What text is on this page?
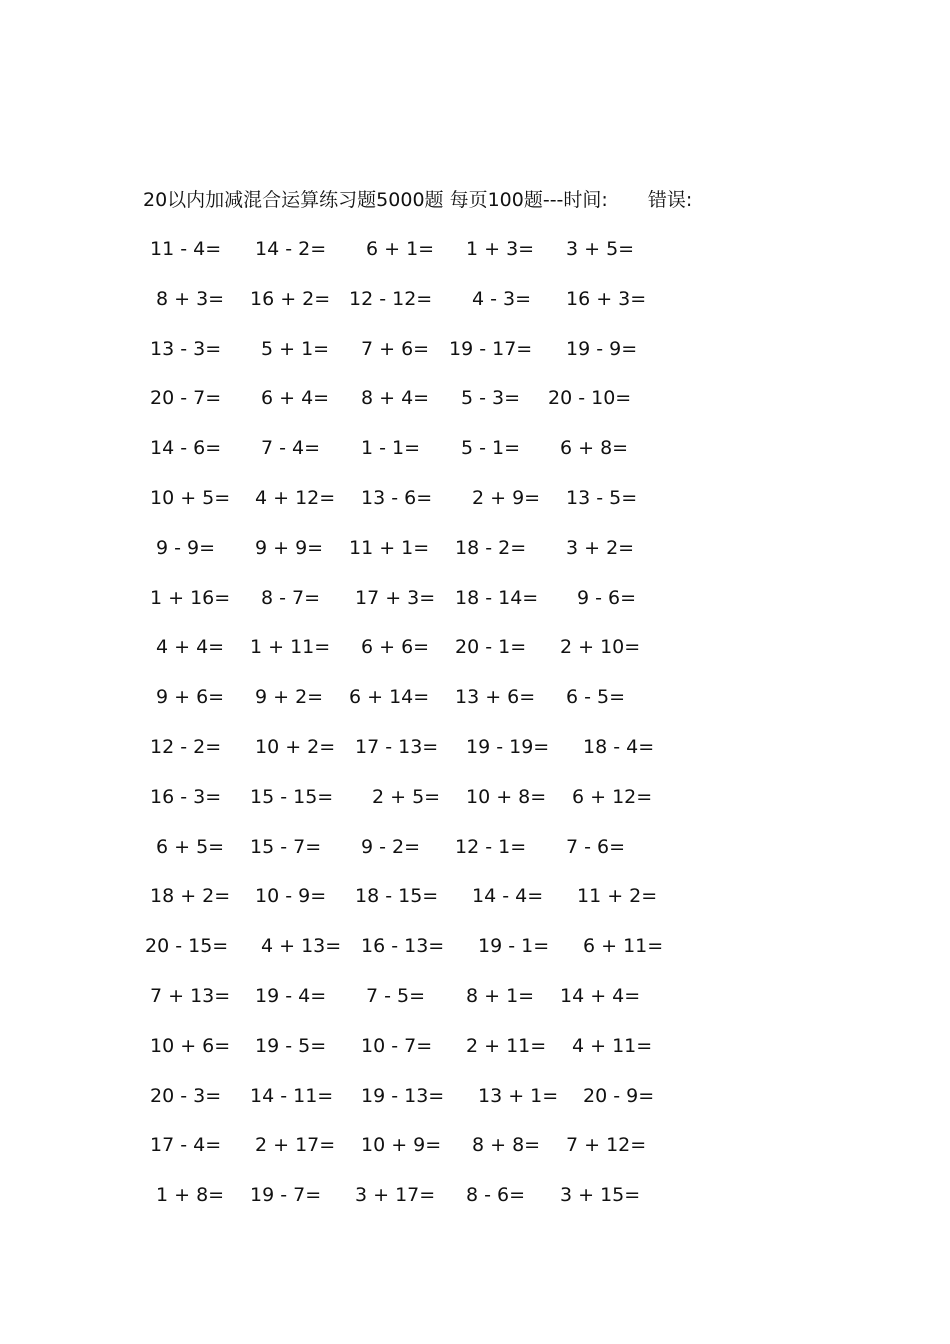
20以内加减混合运算练习题5000题 每页100题---时间: 错误:
11 - 4= 14 - 2= 6 + 1= 1 + 3= 3 + 5=
8 + 3= 16 + 2= 12 - 12= 4 - 3= 16 + 3=
13 - 3= 5 + 1= 7 + 6= 19 - 17= 19 - 9=
20 - 7= 6 + 4= 8 + 4= 5 - 3= 20 - 10=
14 - 6= 7 - 4= 1 - 1= 5 - 1= 6 + 8=
10 + 5= 4 + 12= 13 - 6= 2 + 9= 13 - 5=
9 - 9= 9 + 9= 11 + 1= 18 - 2= 3 + 2=
1 + 16= 8 - 7= 17 + 3= 18 - 14= 9 - 6=
4 + 4= 1 + 11= 6 + 6= 20 - 1= 2 + 10=
9 + 6= 9 + 2= 6 + 14= 13 + 6= 6 - 5=
12 - 2= 10 + 2= 17 - 13= 19 - 19= 18 - 4=
16 - 3= 15 - 15= 2 + 5= 10 + 8= 6 + 12=
6 + 5= 15 - 7= 9 - 2= 12 - 1= 7 - 6=
18 + 2= 10 - 9= 18 - 15= 14 - 4= 11 + 2=
20 - 15= 4 + 13= 16 - 13= 19 - 1= 6 + 11=
7 + 13= 19 - 4= 7 - 5= 8 + 1= 14 + 4=
10 + 6= 19 - 5= 10 - 7= 2 + 11= 4 + 11=
20 - 3= 14 - 11= 19 - 13= 13 + 1= 20 - 9=
17 - 4= 2 + 17= 10 + 9= 8 + 8= 7 + 12=
1 + 8= 19 - 7= 3 + 17= 8 - 6= 3 + 15=
